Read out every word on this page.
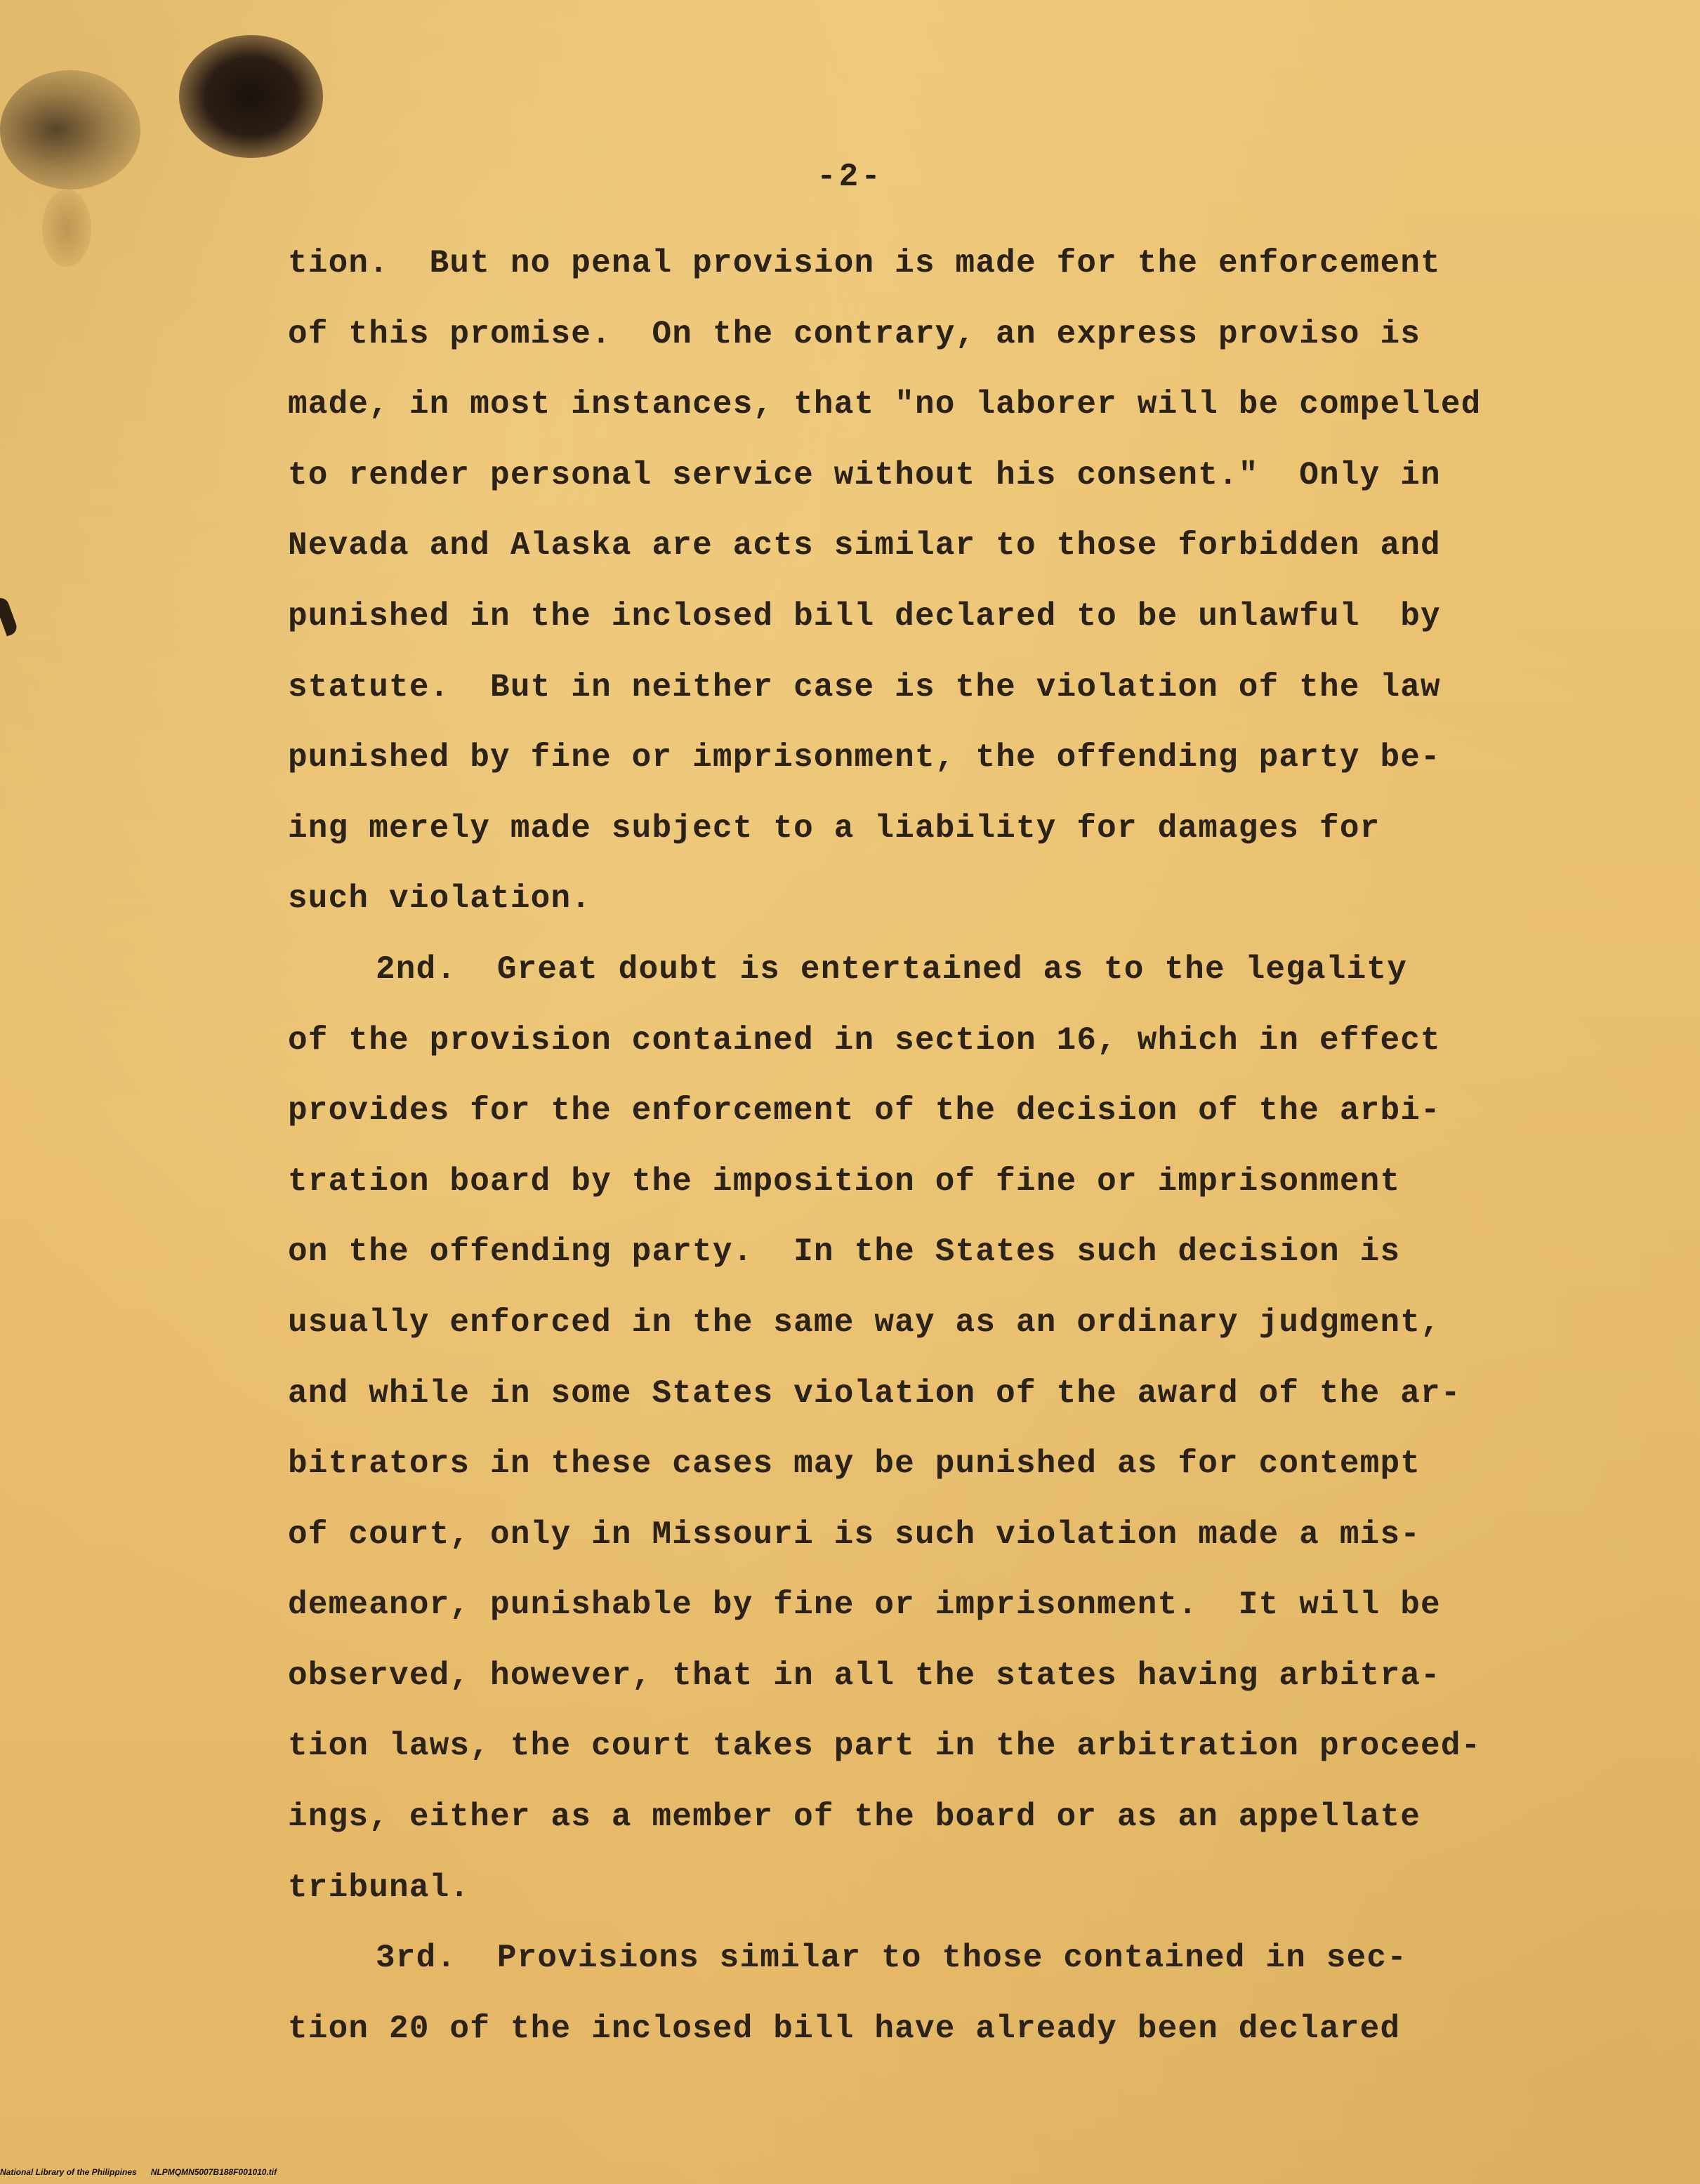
-2-
tion.  But no penal provision is made for the enforcement
of this promise.  On the contrary, an express proviso is
made, in most instances, that "no laborer will be compelled
to render personal service without his consent."  Only in
Nevada and Alaska are acts similar to those forbidden and
punished in the inclosed bill declared to be unlawful  by
statute.  But in neither case is the violation of the law
punished by fine or imprisonment, the offending party be-
ing merely made subject to a liability for damages for
such violation.
2nd.  Great doubt is entertained as to the legality
of the provision contained in section 16, which in effect
provides for the enforcement of the decision of the arbi-
tration board by the imposition of fine or imprisonment
on the offending party.  In the States such decision is
usually enforced in the same way as an ordinary judgment,
and while in some States violation of the award of the ar-
bitrators in these cases may be punished as for contempt
of court, only in Missouri is such violation made a mis-
demeanor, punishable by fine or imprisonment.  It will be
observed, however, that in all the states having arbitra-
tion laws, the court takes part in the arbitration proceed-
ings, either as a member of the board or as an appellate
tribunal.
3rd.  Provisions similar to those contained in sec-
tion 20 of the inclosed bill have already been declared
National Library of the Philippines NLPMQMN5007B188F001010.tif
